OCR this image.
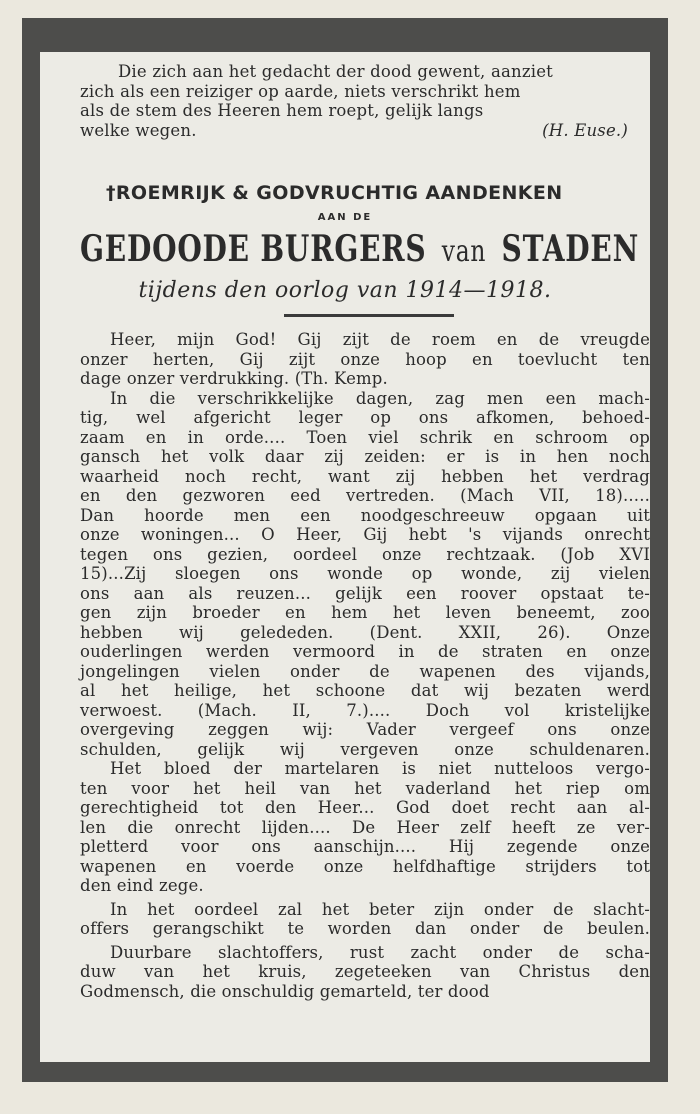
Die zich aan het gedacht der dood gewent, aanziet
zich als een reiziger op aarde, niets verschrikt hem
als de stem des Heeren hem roept, gelijk langs
welke wegen.	(H. Euse.)
†ROEMRIJK & GODVRUCHTIG AANDENKEN
AAN DE
GEDOODE BURGERS van STADEN
tijdens den oorlog van 1914—1918.
Heer, mijn God! Gij zijt de roem en de vreugde
onzer herten, Gij zijt onze hoop en toevlucht ten
dage onzer verdrukking. (Th. Kemp.
In die verschrikkelijke dagen, zag men een mach-
tig, wel afgericht leger op ons afkomen, behoed-
zaam en in orde.... Toen viel schrik en schroom op
gansch het volk daar zij zeiden: er is in hen noch
waarheid noch recht, want zij hebben het verdrag
en den gezworen eed vertreden. (Mach VII, 18).....
Dan hoorde men een noodgeschreeuw opgaan uit
onze woningen... O Heer, Gij hebt 's vijands onrecht
tegen ons gezien, oordeel onze rechtzaak. (Job XVI
15)...Zij sloegen ons wonde op wonde, zij vielen
ons aan als reuzen... gelijk een roover opstaat te-
gen zijn broeder en hem het leven beneemt, zoo
hebben wij gelededen. (Dent. XXII, 26). Onze
ouderlingen werden vermoord in de straten en onze
jongelingen vielen onder de wapenen des vijands,
al het heilige, het schoone dat wij bezaten werd
verwoest. (Mach. II, 7.).... Doch vol kristelijke
overgeving zeggen wij: Vader vergeef ons onze
schulden, gelijk wij vergeven onze schuldenaren.
Het bloed der martelaren is niet nutteloos vergo-
ten voor het heil van het vaderland het riep om
gerechtigheid tot den Heer... God doet recht aan al-
len die onrecht lijden.... De Heer zelf heeft ze ver-
pletterd voor ons aanschijn.... Hij zegende onze
wapenen en voerde onze helfdhaftige strijders tot
den eind zege.
In het oordeel zal het beter zijn onder de slacht-
offers gerangschikt te worden dan onder de beulen.
Duurbare slachtoffers, rust zacht onder de scha-
duw van het kruis, zegeteeken van Christus den
Godmensch, die onschuldig gemarteld, ter dood
